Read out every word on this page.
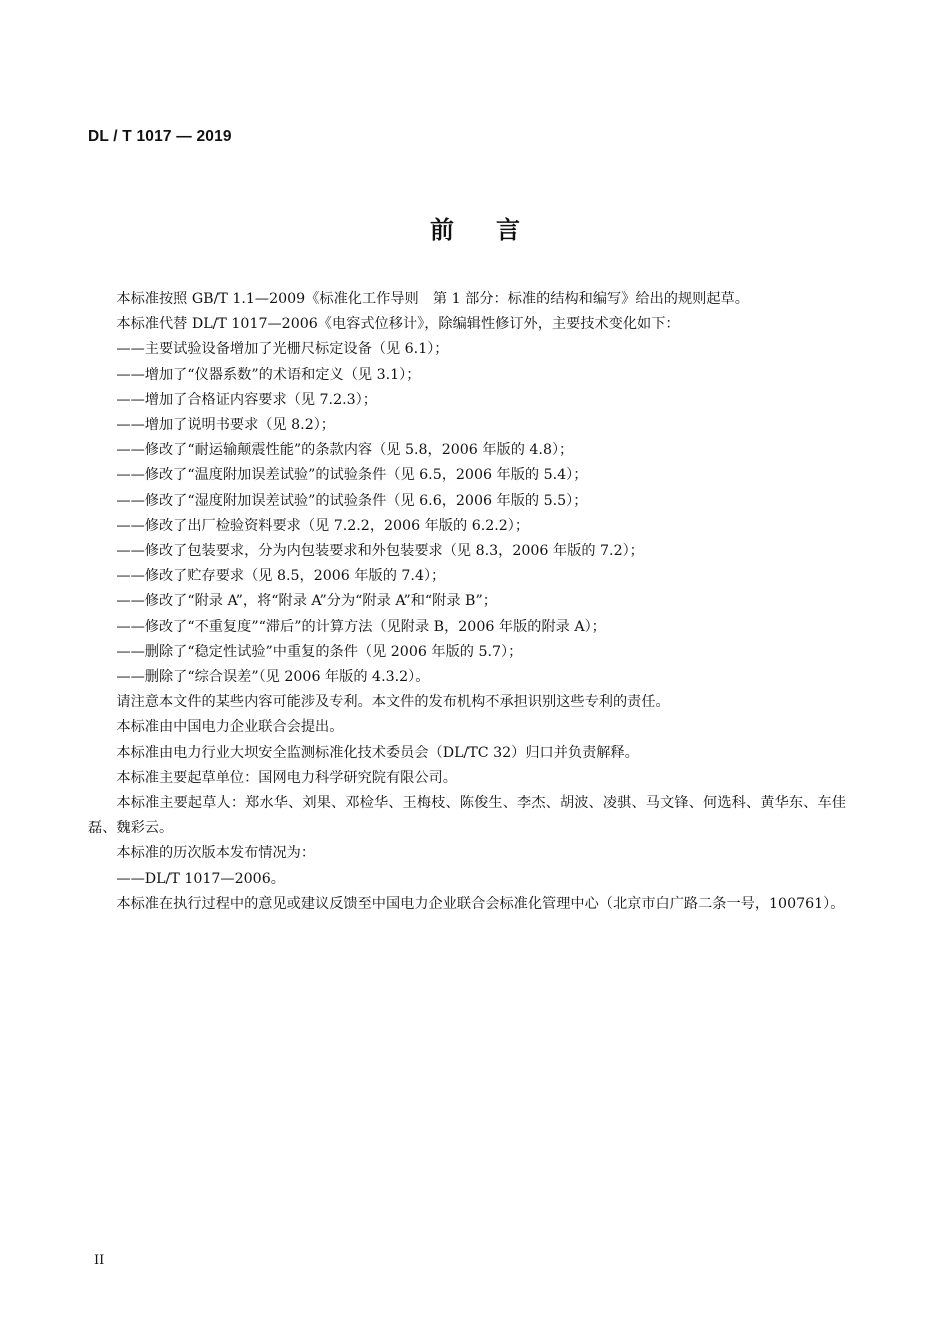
DL / T 1017 — 2019
前言

本标准按照 GB/T 1.1—2009《标准化工作导则　第 1 部分：标准的结构和编写》给出的规则起草。

本标准代替 DL/T 1017—2006《电容式位移计》，除编辑性修订外，主要技术变化如下：

——主要试验设备增加了光栅尺标定设备（见 6.1）；

——增加了“仪器系数”的术语和定义（见 3.1）；

——增加了合格证内容要求（见 7.2.3）；

——增加了说明书要求（见 8.2）；

——修改了“耐运输颠震性能”的条款内容（见 5.8，2006 年版的 4.8）；

——修改了“温度附加误差试验”的试验条件（见 6.5，2006 年版的 5.4）；

——修改了“湿度附加误差试验”的试验条件（见 6.6，2006 年版的 5.5）；

——修改了出厂检验资料要求（见 7.2.2，2006 年版的 6.2.2）；

——修改了包装要求，分为内包装要求和外包装要求（见 8.3，2006 年版的 7.2）；

——修改了贮存要求（见 8.5，2006 年版的 7.4）；

——修改了“附录 A”，将“附录 A”分为“附录 A”和“附录 B”；

——修改了“不重复度”“滞后”的计算方法（见附录 B，2006 年版的附录 A）；

——删除了“稳定性试验”中重复的条件（见 2006 年版的 5.7）；

——删除了“综合误差”（见 2006 年版的 4.3.2）。

请注意本文件的某些内容可能涉及专利。本文件的发布机构不承担识别这些专利的责任。

本标准由中国电力企业联合会提出。

本标准由电力行业大坝安全监测标准化技术委员会（DL/TC 32）归口并负责解释。

本标准主要起草单位：国网电力科学研究院有限公司。

本标准主要起草人：郑水华、刘果、邓检华、王梅枝、陈俊生、李杰、胡波、凌骐、马文锋、何选科、黄华东、车佳磊、魏彩云。

本标准的历次版本发布情况为：

——DL/T 1017—2006。

本标准在执行过程中的意见或建议反馈至中国电力企业联合会标准化管理中心（北京市白广路二条一号，100761）。

II
